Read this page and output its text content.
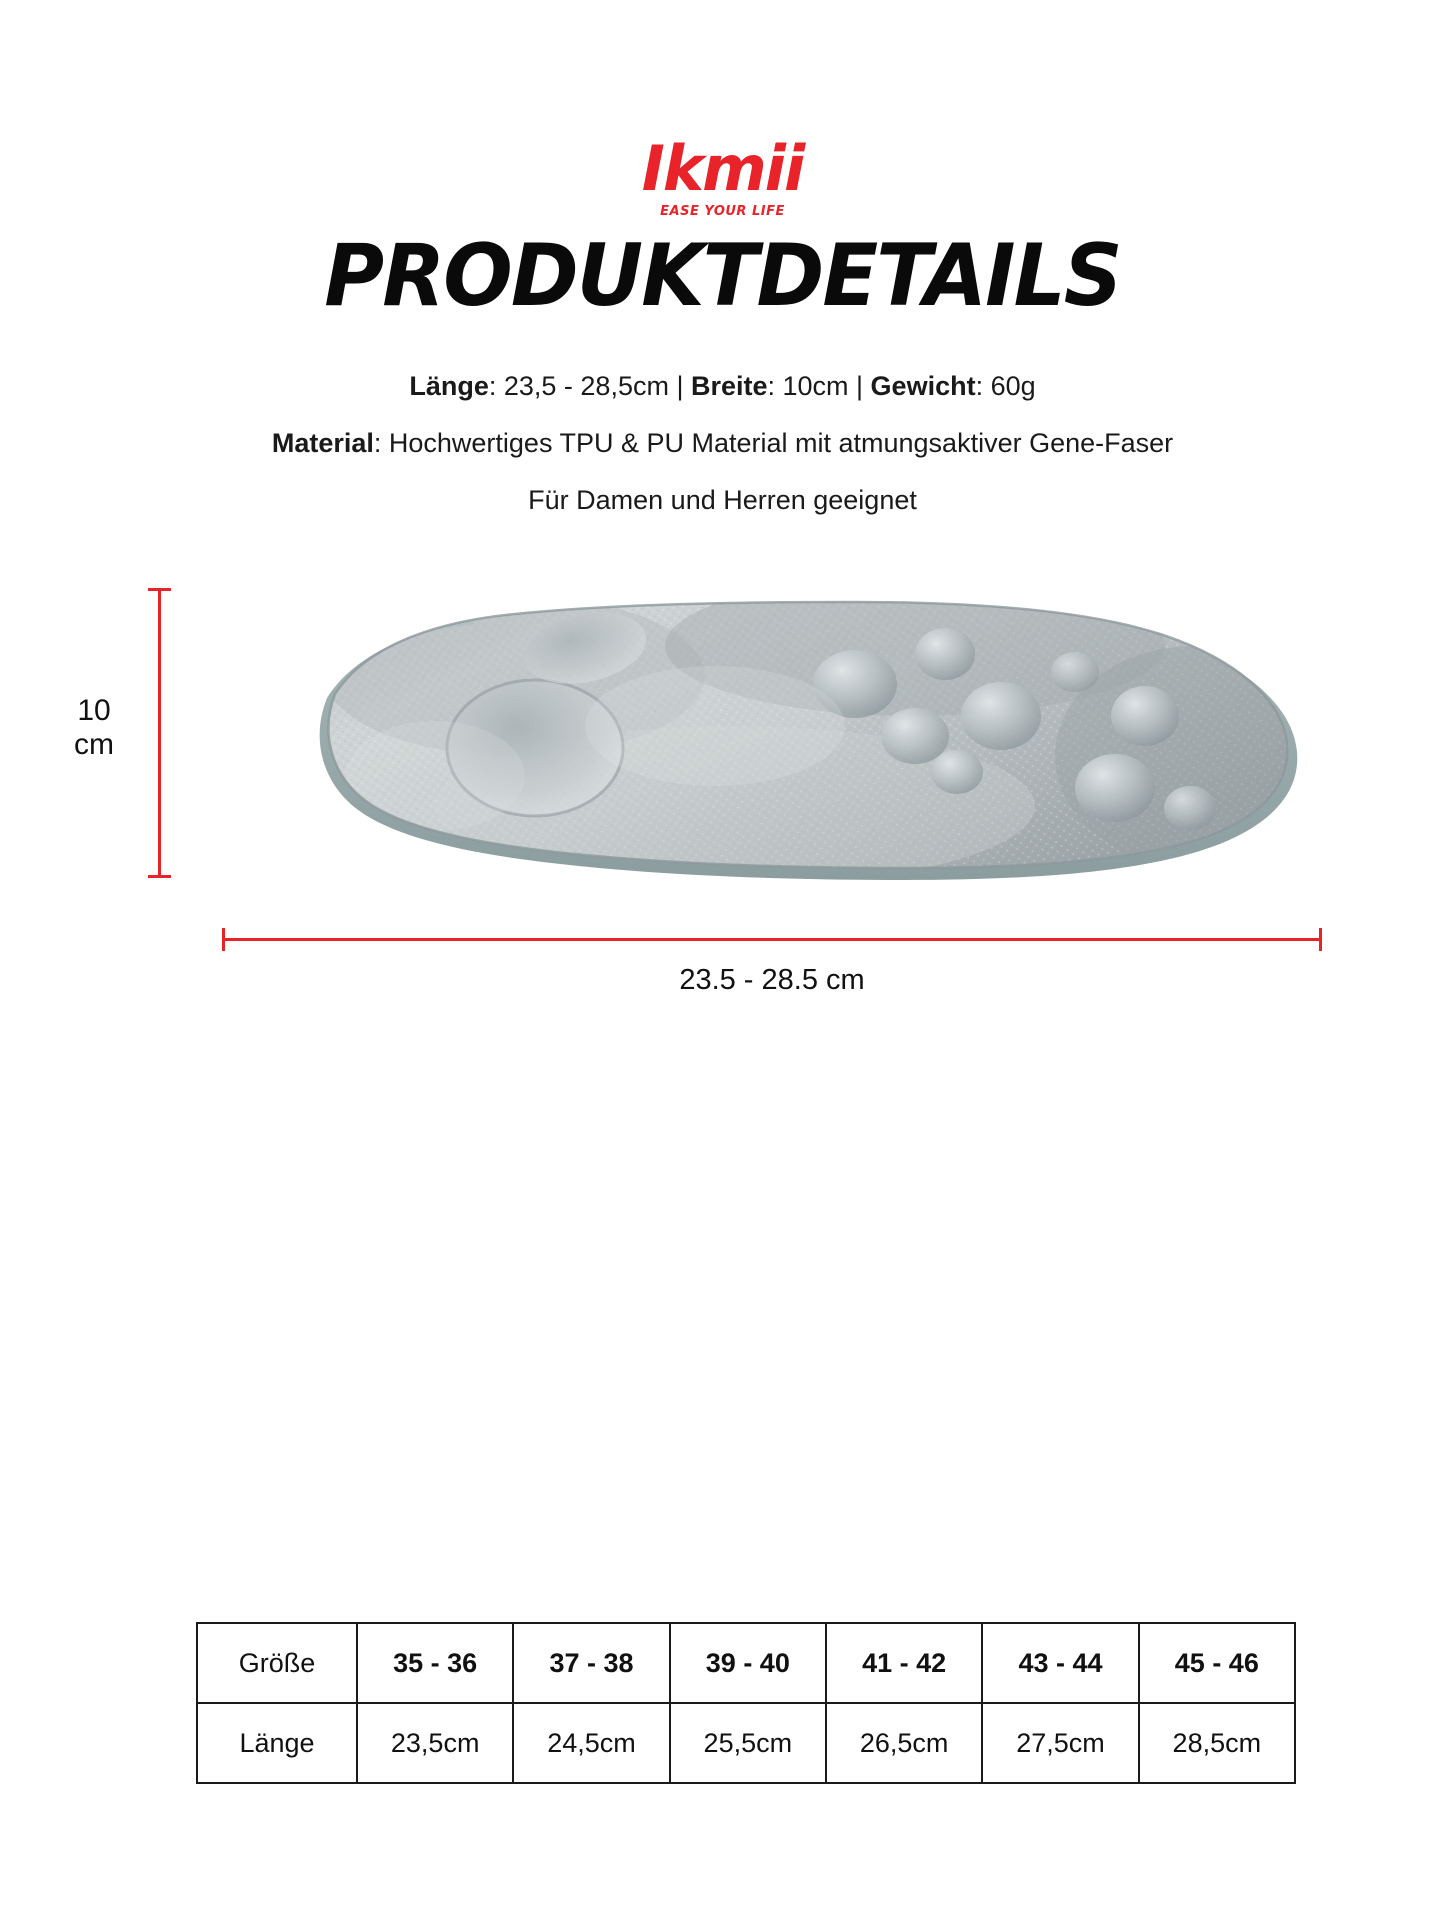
Ikmii
EASE YOUR LIFE
PRODUKTDETAILS

Länge: 23,5 - 28,5cm | Breite: 10cm | Gewicht: 60g

Material: Hochwertiges TPU & PU Material mit atmungsaktiver Gene-Faser

Für Damen und Herren geeignet

10
cm
23.5 - 28.5 cm
Größe	35 - 36	37 - 38	39 - 40	41 - 42	43 - 44	45 - 46
Länge	23,5cm	24,5cm	25,5cm	26,5cm	27,5cm	28,5cm
